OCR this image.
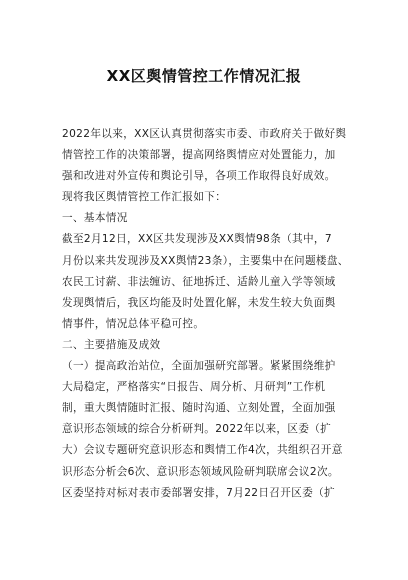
XX区舆情管控工作情况汇报
2022年以来，XX区认真贯彻落实市委、市政府关于做好舆
情管控工作的决策部署，提高网络舆情应对处置能力，加
强和改进对外宣传和舆论引导，各项工作取得良好成效。
现将我区舆情管控工作汇报如下：
一、基本情况
截至2月12日，XX区共发现涉及XX舆情98条（其中，7
月份以来共发现涉及XX舆情23条），主要集中在问题楼盘、
农民工讨薪、非法缠访、征地拆迁、适龄儿童入学等领域
发现舆情后，我区均能及时处置化解，未发生较大负面舆
情事件，情况总体平稳可控。
二、主要措施及成效
（一）提高政治站位，全面加强研究部署。紧紧围绕维护
大局稳定，严格落实“日报告、周分析、月研判”工作机
制，重大舆情随时汇报、随时沟通、立刻处置，全面加强
意识形态领域的综合分析研判。2022年以来，区委（扩
大）会议专题研究意识形态和舆情工作4次，共组织召开意
识形态分析会6次、意识形态领域风险研判联席会议2次。
区委坚持对标对表市委部署安排，7月22日召开区委（扩
